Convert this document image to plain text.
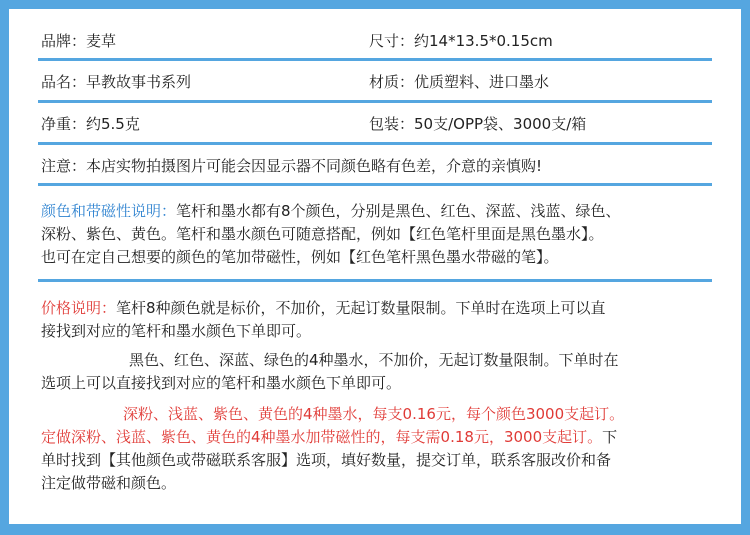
品牌：麦草	尺寸：约14*13.5*0.15cm
品名：早教故事书系列	材质：优质塑料、进口墨水
净重：约5.5克	包装：50支/OPP袋、3000支/箱
注意：本店实物拍摄图片可能会因显示器不同颜色略有色差，介意的亲慎购!
颜色和带磁性说明：笔杆和墨水都有8个颜色，分别是黑色、红色、深蓝、浅蓝、绿色、
深粉、紫色、黄色。笔杆和墨水颜色可随意搭配，例如【红色笔杆里面是黑色墨水】。
也可在定自己想要的颜色的笔加带磁性，例如【红色笔杆黑色墨水带磁的笔】。
价格说明：笔杆8种颜色就是标价，不加价，无起订数量限制。下单时在选项上可以直
接找到对应的笔杆和墨水颜色下单即可。
黑色、红色、深蓝、绿色的4种墨水，不加价，无起订数量限制。下单时在
选项上可以直接找到对应的笔杆和墨水颜色下单即可。
深粉、浅蓝、紫色、黄色的4种墨水，每支0.16元，每个颜色3000支起订。
定做深粉、浅蓝、紫色、黄色的4种墨水加带磁性的，每支需0.18元，3000支起订。下
单时找到【其他颜色或带磁联系客服】选项，填好数量，提交订单，联系客服改价和备
注定做带磁和颜色。
